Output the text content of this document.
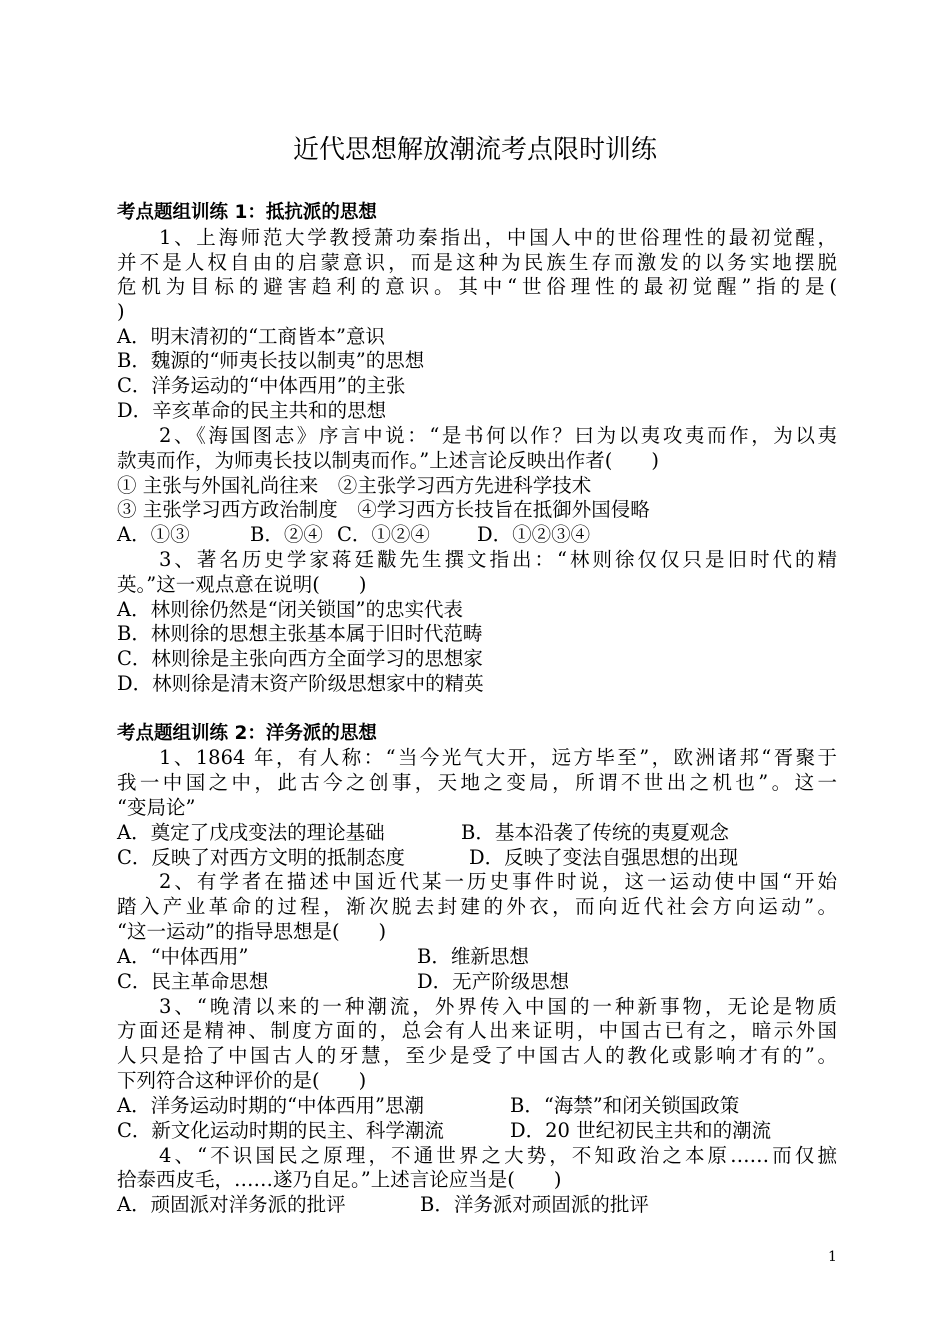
近代思想解放潮流考点限时训练
考点题组训练 1：抵抗派的思想
1、上海师范大学教授萧功秦指出，中国人中的世俗理性的最初觉醒，
并不是人权自由的启蒙意识，而是这种为民族生存而激发的以务实地摆脱
危机为目标的避害趋利的意识。其中“世俗理性的最初觉醒”指的是(
)
A．明末清初的“工商皆本”意识
B．魏源的“师夷长技以制夷”的思想
C．洋务运动的“中体西用”的主张
D．辛亥革命的民主共和的思想
2、《海国图志》序言中说：“是书何以作？曰为以夷攻夷而作，为以夷
款夷而作，为师夷长技以制夷而作。”上述言论反映出作者(　　)
① 主张与外国礼尚往来　②主张学习西方先进科学技术
③ 主张学习西方政治制度　④学习西方长技旨在抵御外国侵略
A．①③	B．②④ C．①②④ D．①②③④
3、著名历史学家蒋廷黻先生撰文指出：“林则徐仅仅只是旧时代的精
英。”这一观点意在说明(　　)
A．林则徐仍然是“闭关锁国”的忠实代表
B．林则徐的思想主张基本属于旧时代范畴
C．林则徐是主张向西方全面学习的思想家
D．林则徐是清末资产阶级思想家中的精英
考点题组训练 2：洋务派的思想
1、1864 年，有人称：“当今光气大开，远方毕至”，欧洲诸邦“胥聚于
我一中国之中，此古今之创事，天地之变局，所谓不世出之机也”。这一
“变局论”
A．奠定了戊戌变法的理论基础	B．基本沿袭了传统的夷夏观念
C．反映了对西方文明的抵制态度	D．反映了变法自强思想的出现
2、有学者在描述中国近代某一历史事件时说，这一运动使中国“开始
踏入产业革命的过程，渐次脱去封建的外衣，而向近代社会方向运动”。
“这一运动”的指导思想是(　　)
A．“中体西用”	B．维新思想
C．民主革命思想	D．无产阶级思想
3、“晚清以来的一种潮流，外界传入中国的一种新事物，无论是物质
方面还是精神、制度方面的，总会有人出来证明，中国古已有之，暗示外国
人只是拾了中国古人的牙慧，至少是受了中国古人的教化或影响才有的”。
下列符合这种评价的是(　　)
A．洋务运动时期的“中体西用”思潮	B．“海禁”和闭关锁国政策
C．新文化运动时期的民主、科学潮流	D．20 世纪初民主共和的潮流
4、“不识国民之原理，不通世界之大势，不知政治之本原……而仅摭
拾泰西皮毛，……遂乃自足。”上述言论应当是(　　)
A．顽固派对洋务派的批评	B．洋务派对顽固派的批评
1
